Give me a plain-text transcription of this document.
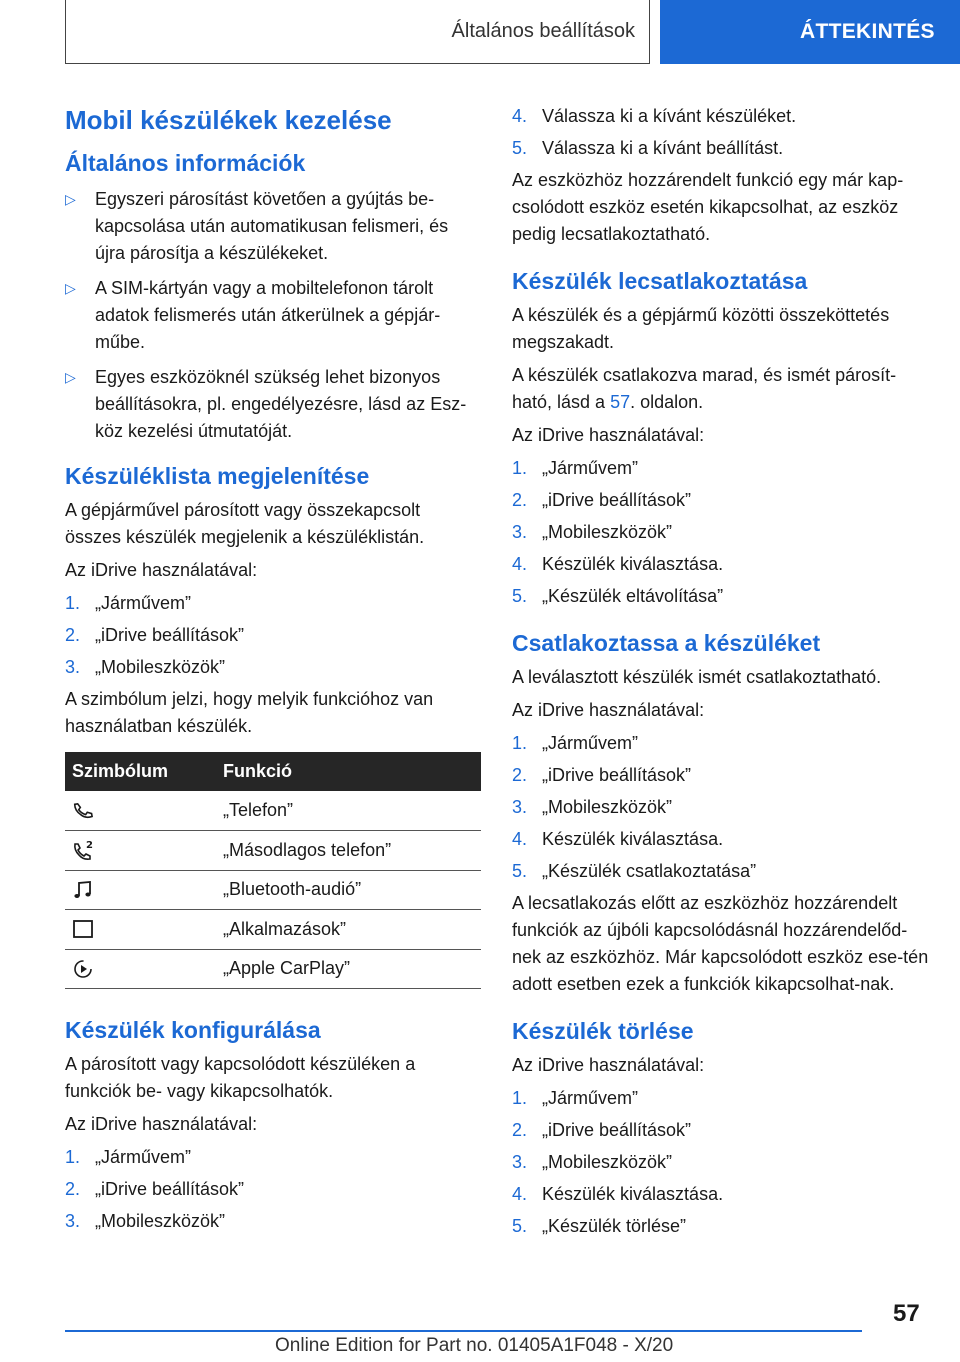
Általános beállítások	ÁTTEKINTÉS
Mobil készülékek kezelése
Általános információk
▷ Egyszeri párosítást követően a gyújtás be-kapcsolása után automatikusan felismeri, és újra párosítja a készülékeket.
▷ A SIM-kártyán vagy a mobiltelefonon tárolt adatok felismerés után átkerülnek a gépjár-műbe.
▷ Egyes eszközöknél szükség lehet bizonyos beállításokra, pl. engedélyezésre, lásd az Esz-köz kezelési útmutatóját.
Készüléklista megjelenítése

A gépjárművel párosított vagy összekapcsolt összes készülék megjelenik a készüléklistán.

Az iDrive használatával:

1. „Járművem”
2. „iDrive beállítások”
3. „Mobileszközök”

A szimbólum jelzi, hogy melyik funkcióhoz van használatban készülék.

Szimbólum	Funkció
	„Telefon”

2	„Másodlagos telefon”
	„Bluetooth-audió”
	„Alkalmazások”
	„Apple CarPlay”
Készülék konfigurálása

A párosított vagy kapcsolódott készüléken a funkciók be- vagy kikapcsolhatók.

Az iDrive használatával:

1. „Járművem”
2. „iDrive beállítások”
3. „Mobileszközök”
4. Válassza ki a kívánt készüléket.
5. Válassza ki a kívánt beállítást.

Az eszközhöz hozzárendelt funkció egy már kap-csolódott eszköz esetén kikapcsolhat, az eszköz pedig lecsatlakoztatható.

Készülék lecsatlakoztatása

A készülék és a gépjármű közötti összeköttetés megszakadt.

A készülék csatlakozva marad, és ismét párosít-ható, lásd a 57. oldalon.

Az iDrive használatával:

1. „Járművem”
2. „iDrive beállítások”
3. „Mobileszközök”
4. Készülék kiválasztása.
5. „Készülék eltávolítása”
Csatlakoztassa a készüléket

A leválasztott készülék ismét csatlakoztatható.

Az iDrive használatával:

1. „Járművem”
2. „iDrive beállítások”
3. „Mobileszközök”
4. Készülék kiválasztása.
5. „Készülék csatlakoztatása”

A lecsatlakozás előtt az eszközhöz hozzárendelt funkciók az újbóli kapcsolódásnál hozzárendelőd-nek az eszközhöz. Már kapcsolódott eszköz ese-tén adott esetben ezek a funkciók kikapcsolhat-nak.

Készülék törlése

Az iDrive használatával:

1. „Járművem”
2. „iDrive beállítások”
3. „Mobileszközök”
4. Készülék kiválasztása.
5. „Készülék törlése”
57
Online Edition for Part no. 01405A1F048 - X/20
